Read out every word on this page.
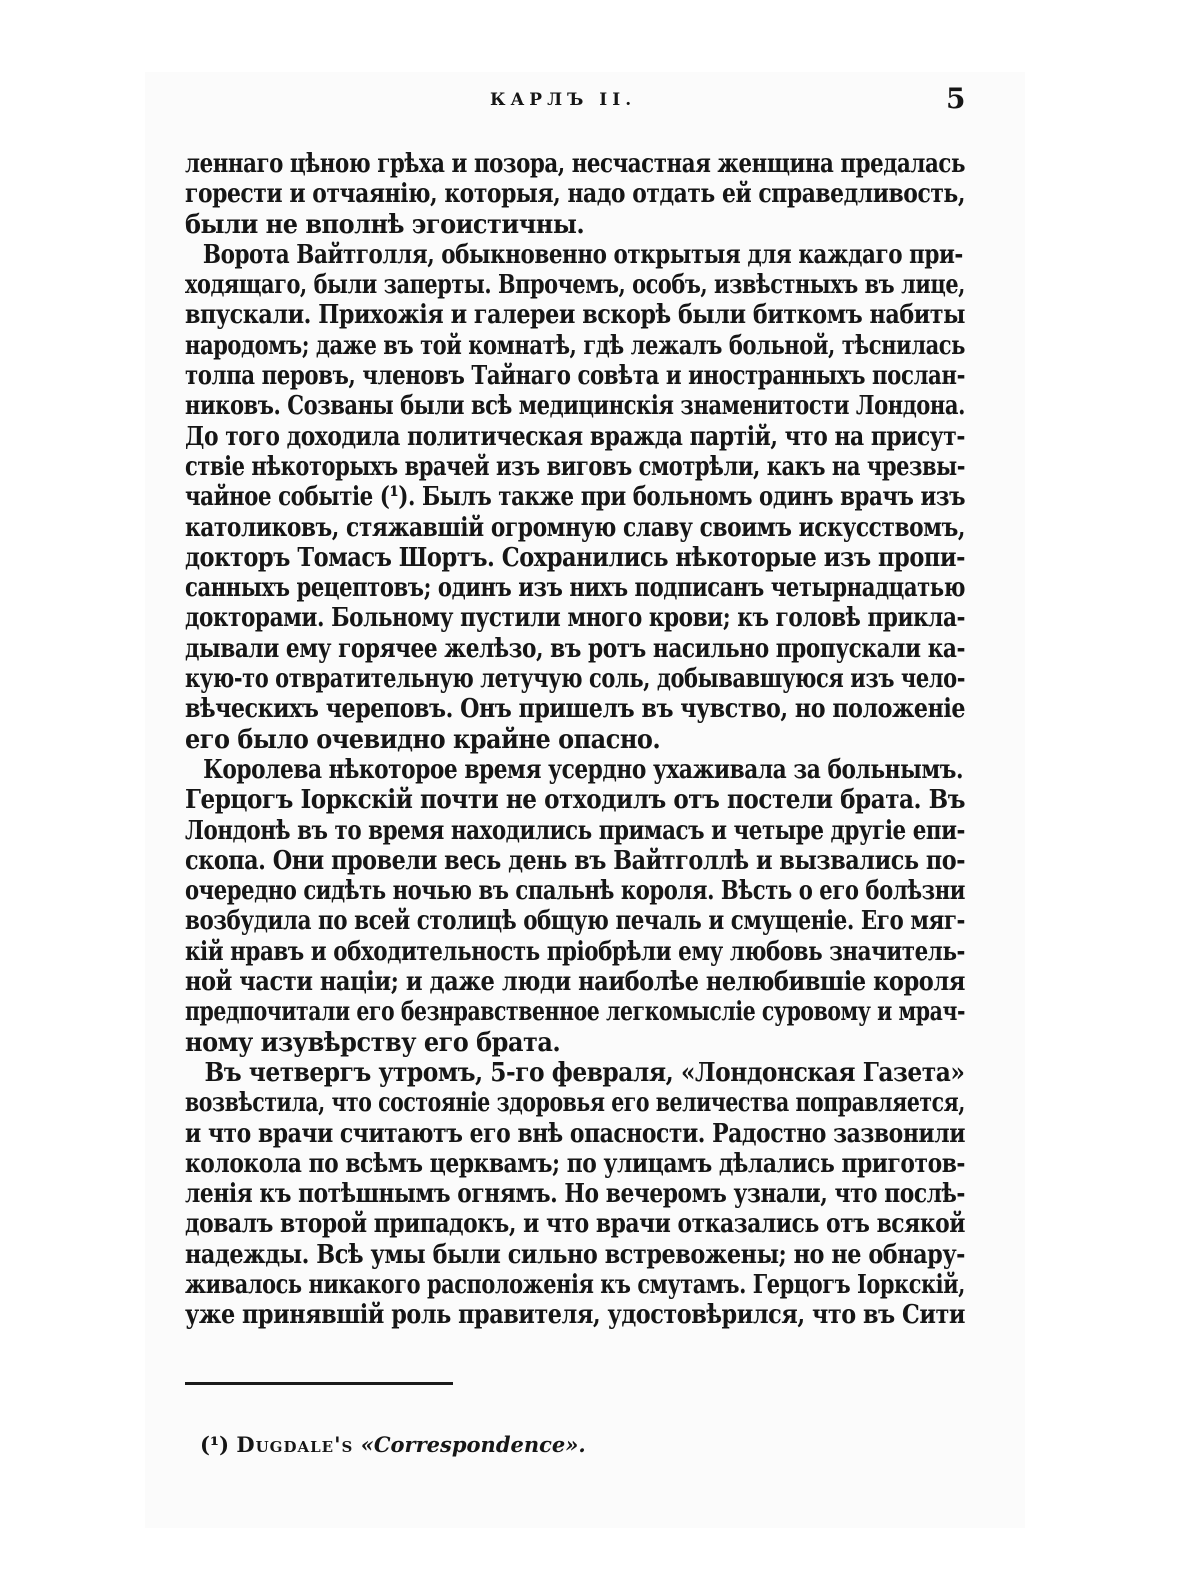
КАРЛЪ II.	5
леннаго цѣною грѣха и позора, несчастная женщина предалась
горести и отчаянію, которыя, надо отдать ей справедливость,
были не вполнѣ эгоистичны.
Ворота Вайтголля, обыкновенно открытыя для каждаго при-
ходящаго, были заперты. Впрочемъ, особъ, извѣстныхъ въ лице,
впускали. Прихожія и галереи вскорѣ были биткомъ набиты
народомъ; даже въ той комнатѣ, гдѣ лежалъ больной, тѣснилась
толпа перовъ, членовъ Тайнаго совѣта и иностранныхъ послан-
никовъ. Созваны были всѣ медицинскія знаменитости Лондона.
До того доходила политическая вражда партій, что на присут-
ствіе нѣкоторыхъ врачей изъ виговъ смотрѣли, какъ на чрезвы-
чайное событіе (¹). Былъ также при больномъ одинъ врачъ изъ
католиковъ, стяжавшій огромную славу своимъ искусствомъ,
докторъ Томасъ Шортъ. Сохранились нѣкоторые изъ пропи-
санныхъ рецептовъ; одинъ изъ нихъ подписанъ четырнадцатью
докторами. Больному пустили много крови; къ головѣ прикла-
дывали ему горячее желѣзо, въ ротъ насильно пропускали ка-
кую-то отвратительную летучую соль, добывавшуюся изъ чело-
вѣческихъ череповъ. Онъ пришелъ въ чувство, но положеніе
его было очевидно крайне опасно.
Королева нѣкоторое время усердно ухаживала за больнымъ.
Герцогъ Іоркскій почти не отходилъ отъ постели брата. Въ
Лондонѣ въ то время находились примасъ и четыре другіе епи-
скопа. Они провели весь день въ Вайтголлѣ и вызвались по-
очередно сидѣть ночью въ спальнѣ короля. Вѣсть о его болѣзни
возбудила по всей столицѣ общую печаль и смущеніе. Его мяг-
кій нравъ и обходительность пріобрѣли ему любовь значитель-
ной части націи; и даже люди наиболѣе нелюбившіе короля
предпочитали его безнравственное легкомысліе суровому и мрач-
ному изувѣрству его брата.
Въ четвергъ утромъ, 5-го февраля, «Лондонская Газета»
возвѣстила, что состояніе здоровья его величества поправляется,
и что врачи считаютъ его внѣ опасности. Радостно зазвонили
колокола по всѣмъ церквамъ; по улицамъ дѣлались приготов-
ленія къ потѣшнымъ огнямъ. Но вечеромъ узнали, что послѣ-
довалъ второй припадокъ, и что врачи отказались отъ всякой
надежды. Всѣ умы были сильно встревожены; но не обнару-
живалось никакого расположенія къ смутамъ. Герцогъ Іоркскій,
уже принявшій роль правителя, удостовѣрился, что въ Сити
(¹) Dugdale's «Correspondence».
